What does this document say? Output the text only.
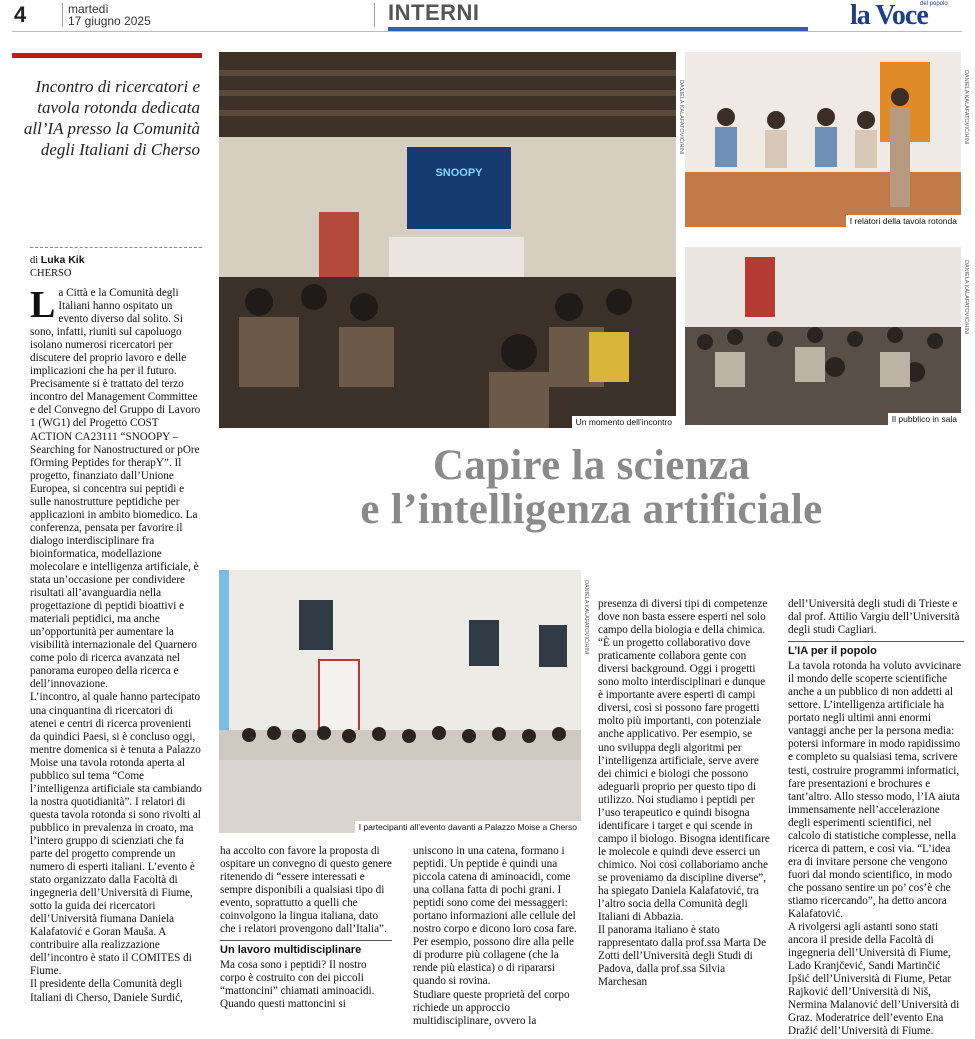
4	martedì
17 giugno 2025	INTERNI	la Voce
del popolo
Incontro di ricercatori e tavola rotonda dedicata all’IA presso la Comunità degli Italiani di Cherso
di Luka Kik
CHERSO

La Città e la Comunità degli Italiani hanno ospitato un evento diverso dal solito. Si sono, infatti, riuniti sul capoluogo isolano numerosi ricercatori per discutere del proprio lavoro e delle implicazioni che ha per il futuro. Precisamente si è trattato del terzo incontro del Management Committee e del Convegno del Gruppo di Lavoro 1 (WG1) del Progetto COST ACTION CA23111 “SNOOPY – Searching for Nanostructured or pOre fOrming Peptides for therapY”. Il progetto, finanziato dall’Unione Europea, si concentra sui peptidi e sulle nanostrutture peptidiche per applicazioni in ambito biomedico. La conferenza, pensata per favorire il dialogo interdisciplinare fra bioinformatica, modellazione molecolare e intelligenza artificiale, è stata un’occasione per condividere risultati all’avanguardia nella progettazione di peptidi bioattivi e materiali peptidici, ma anche un’opportunità per aumentare la visibilità internazionale del Quarnero come polo di ricerca avanzata nel panorama europeo della ricerca e dell’innovazione.

L’incontro, al quale hanno partecipato una cinquantina di ricercatori di atenei e centri di ricerca provenienti da quindici Paesi, si è concluso oggi, mentre domenica si è tenuta a Palazzo Moise una tavola rotonda aperta al pubblico sul tema “Come l’intelligenza artificiale sta cambiando la nostra quotidianità”. I relatori di questa tavola rotonda si sono rivolti al pubblico in prevalenza in croato, ma l’intero gruppo di scienziati che fa parte del progetto comprende un numero di esperti italiani. L’evento è stato organizzato dalla Facoltà di ingegneria dell’Università di Fiume, sotto la guida dei ricercatori dell’Università fiumana Daniela Kalafatović e Goran Mauša. A contribuire alla realizzazione dell’incontro è stato il COMITES di Fiume.

Il presidente della Comunità degli Italiani di Cherso, Daniele Surdić,

SNOOPY
Un momento dell’incontro
DANIELA KALAFATOVIĆ/HINI
I relatori della tavola rotonda
DANIELA KALAFATOVIĆ/HINI
Il pubblico in sala
DANIELA KALAFATOVIĆ/HINI
Capire la scienza
e l’intelligenza artificiale
I partecipanti all’evento davanti a Palazzo Moise a Cherso
DANIELA KALAFATOVIĆ/HINI

ha accolto con favore la proposta di ospitare un convegno di questo genere ritenendo di “essere interessati e sempre disponibili a qualsiasi tipo di evento, soprattutto a quelli che coinvolgono la lingua italiana, dato che i relatori provengono dall’Italia”.

Un lavoro multidisciplinare

Ma cosa sono i peptidi? Il nostro corpo è costruito con dei piccoli “mattoncini” chiamati aminoacidi. Quando questi mattoncini si

uniscono in una catena, formano i peptidi. Un peptide è quindi una piccola catena di aminoacidi, come una collana fatta di pochi grani. I peptidi sono come dei messaggeri: portano informazioni alle cellule del nostro corpo e dicono loro cosa fare. Per esempio, possono dire alla pelle di produrre più collagene (che la rende più elastica) o di ripararsi quando si rovina.

Studiare queste proprietà del corpo richiede un approccio multidisciplinare, ovvero la

presenza di diversi tipi di competenze dove non basta essere esperti nel solo campo della biologia e della chimica.

“È un progetto collaborativo dove praticamente collabora gente con diversi background. Oggi i progetti sono molto interdisciplinari e dunque è importante avere esperti di campi diversi, così si possono fare progetti molto più importanti, con potenziale anche applicativo. Per esempio, se uno sviluppa degli algoritmi per l’intelligenza artificiale, serve avere dei chimici e biologi che possono adeguarli proprio per questo tipo di utilizzo. Noi studiamo i peptidi per l’uso terapeutico e quindi bisogna identificare i target e qui scende in campo il biologo. Bisogna identificare le molecole e quindi deve esserci un chimico. Noi così collaboriamo anche se proveniamo da discipline diverse”, ha spiegato Daniela Kalafatović, tra l’altro socia della Comunità degli Italiani di Abbazia.

Il panorama italiano è stato rappresentato dalla prof.ssa Marta De Zotti dell’Università degli Studi di Padova, dalla prof.ssa Silvia Marchesan

dell’Università degli studi di Trieste e dal prof. Attilio Vargiu dell’Università degli studi Cagliari.

L’IA per il popolo

La tavola rotonda ha voluto avvicinare il mondo delle scoperte scientifiche anche a un pubblico di non addetti al settore. L’intelligenza artificiale ha portato negli ultimi anni enormi vantaggi anche per la persona media: potersi informare in modo rapidissimo e completo su qualsiasi tema, scrivere testi, costruire programmi informatici, fare presentazioni e brochures e tant’altro. Allo stesso modo, l’IA aiuta immensamente nell’accelerazione degli esperimenti scientifici, nel calcolo di statistiche complesse, nella ricerca di pattern, e così via. “L’idea era di invitare persone che vengono fuori dal mondo scientifico, in modo che possano sentire un po’ cos’è che stiamo ricercando”, ha detto ancora Kalafatović.

A rivolgersi agli astanti sono stati ancora il preside della Facoltà di ingegneria dell’Università di Fiume, Lado Kranjčević, Sandi Martinčić Ipšić dell’Università di Fiume, Petar Rajković dell’Università di Niš, Nermina Malanović dell’Università di Graz. Moderatrice dell’evento Ena Dražić dell’Università di Fiume.
